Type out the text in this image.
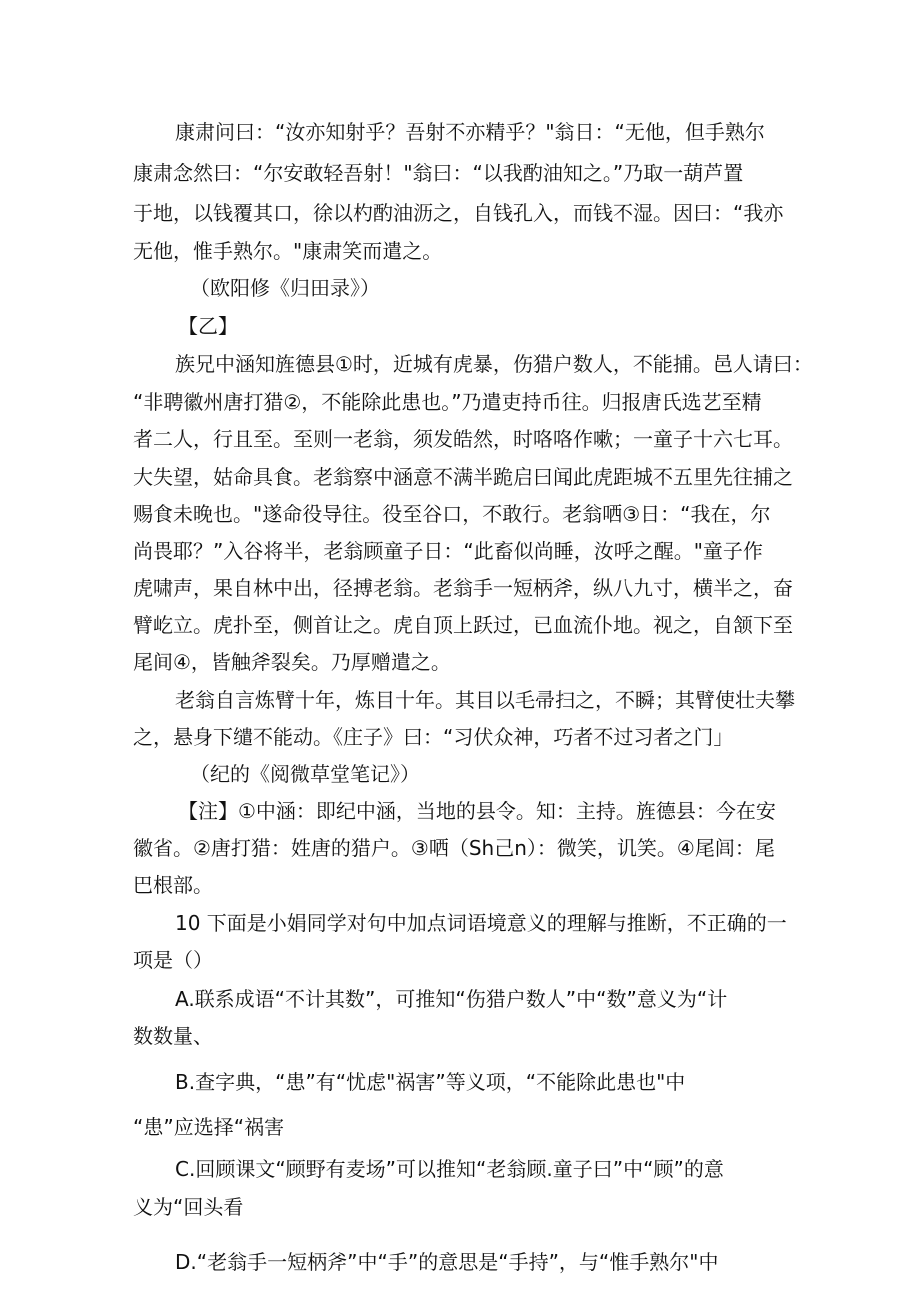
康肃问曰：“汝亦知射乎？吾射不亦精乎？"翁日：“无他，但手熟尔
康肃念然曰：“尔安敢轻吾射！"翁曰：“以我酌油知之。”乃取一葫芦置
于地，以钱覆其口，徐以杓酌油沥之，自钱孔入，而钱不湿。因曰：“我亦
无他，惟手熟尔。"康肃笑而遣之。
（欧阳修《归田录》）
【乙】
族兄中涵知旌德县①时，近城有虎暴，伤猎户数人，不能捕。邑人请曰：
“非聘徽州唐打猎②，不能除此患也。”乃遣吏持币往。归报唐氏选艺至精
者二人，行且至。至则一老翁，须发皓然，时咯咯作嗽；一童子十六七耳。
大失望，姑命具食。老翁察中涵意不满半跪启曰闻此虎距城不五里先往捕之
赐食未晚也。"遂命役导往。役至谷口，不敢行。老翁哂③日：“我在，尔
尚畏耶？”入谷将半，老翁顾童子日：“此畜似尚睡，汝呼之醒。"童子作
虎啸声，果自林中出，径搏老翁。老翁手一短柄斧，纵八九寸，横半之，奋
臂屹立。虎扑至，侧首让之。虎自顶上跃过，已血流仆地。视之，自颔下至
尾间④，皆触斧裂矣。乃厚赠遣之。
老翁自言炼臂十年，炼目十年。其目以毛帚扫之，不瞬；其臂使壮夫攀
之，悬身下缱不能动。《庄子》曰：“习伏众神，巧者不过习者之门」
（纪的《阅微草堂笔记》）
【注】①中涵：即纪中涵，当地的县令。知：主持。旌德县：今在安
徽省。②唐打猎：姓唐的猎户。③哂（Sh己n）：微笑，讥笑。④尾闾：尾
巴根部。
10 下面是小娟同学对句中加点词语境意义的理解与推断，不正确的一
项是（）
A.联系成语“不计其数”，可推知“伤猎户数人”中“数”意义为“计
数数量、
B.查字典，“患”有“忧虑"祸害”等义项，“不能除此患也"中
“患”应选择“祸害
C.回顾课文“顾野有麦场”可以推知“老翁顾.童子曰”中“顾”的意
义为“回头看
D.“老翁手一短柄斧”中“手”的意思是“手持”，与“惟手熟尔"中
